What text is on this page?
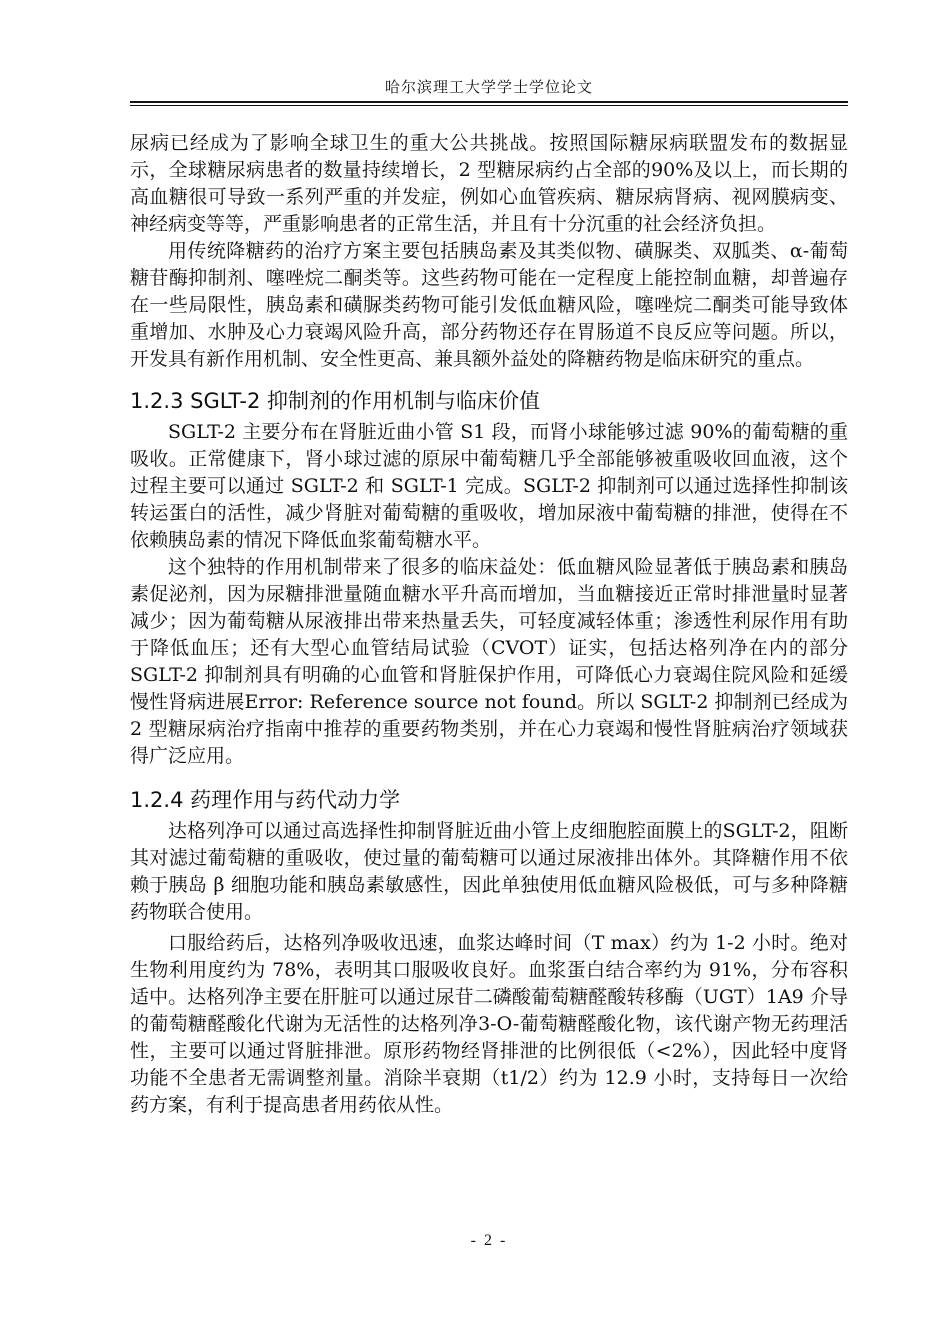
哈尔滨理工大学学士学位论文

尿病已经成为了影响全球卫生的重大公共挑战。按照国际糖尿病联盟发布的数据显示，全球糖尿病患者的数量持续增长，2 型糖尿病约占全部的90%及以上，而长期的高血糖很可导致一系列严重的并发症，例如心血管疾病、糖尿病肾病、视网膜病变、神经病变等等，严重影响患者的正常生活，并且有十分沉重的社会经济负担。

用传统降糖药的治疗方案主要包括胰岛素及其类似物、磺脲类、双胍类、α-葡萄糖苷酶抑制剂、噻唑烷二酮类等。这些药物可能在一定程度上能控制血糖，却普遍存在一些局限性，胰岛素和磺脲类药物可能引发低血糖风险，噻唑烷二酮类可能导致体重增加、水肿及心力衰竭风险升高，部分药物还存在胃肠道不良反应等问题。所以，开发具有新作用机制、安全性更高、兼具额外益处的降糖药物是临床研究的重点。

1.2.3 SGLT-2 抑制剂的作用机制与临床价值

SGLT-2 主要分布在肾脏近曲小管 S1 段，而肾小球能够过滤 90%的葡萄糖的重吸收。正常健康下，肾小球过滤的原尿中葡萄糖几乎全部能够被重吸收回血液，这个过程主要可以通过 SGLT-2 和 SGLT-1 完成。SGLT-2 抑制剂可以通过选择性抑制该转运蛋白的活性，减少肾脏对葡萄糖的重吸收，增加尿液中葡萄糖的排泄，使得在不依赖胰岛素的情况下降低血浆葡萄糖水平。

这个独特的作用机制带来了很多的临床益处：低血糖风险显著低于胰岛素和胰岛素促泌剂，因为尿糖排泄量随血糖水平升高而增加，当血糖接近正常时排泄量时显著减少；因为葡萄糖从尿液排出带来热量丢失，可轻度减轻体重；渗透性利尿作用有助于降低血压；还有大型心血管结局试验（CVOT）证实，包括达格列净在内的部分 SGLT-2 抑制剂具有明确的心血管和肾脏保护作用，可降低心力衰竭住院风险和延缓慢性肾病进展Error: Reference source not found。所以 SGLT-2 抑制剂已经成为 2 型糖尿病治疗指南中推荐的重要药物类别，并在心力衰竭和慢性肾脏病治疗领域获得广泛应用。

1.2.4 药理作用与药代动力学

达格列净可以通过高选择性抑制肾脏近曲小管上皮细胞腔面膜上的SGLT-2，阻断其对滤过葡萄糖的重吸收，使过量的葡萄糖可以通过尿液排出体外。其降糖作用不依赖于胰岛 β 细胞功能和胰岛素敏感性，因此单独使用低血糖风险极低，可与多种降糖药物联合使用。

口服给药后，达格列净吸收迅速，血浆达峰时间（T max）约为 1-2 小时。绝对生物利用度约为 78%，表明其口服吸收良好。血浆蛋白结合率约为 91%，分布容积适中。达格列净主要在肝脏可以通过尿苷二磷酸葡萄糖醛酸转移酶（UGT）1A9 介导的葡萄糖醛酸化代谢为无活性的达格列净3-O-葡萄糖醛酸化物，该代谢产物无药理活性，主要可以通过肾脏排泄。原形药物经肾排泄的比例很低（<2%），因此轻中度肾功能不全患者无需调整剂量。消除半衰期（t1/2）约为 12.9 小时，支持每日一次给药方案，有利于提高患者用药依从性。

- 2 -
